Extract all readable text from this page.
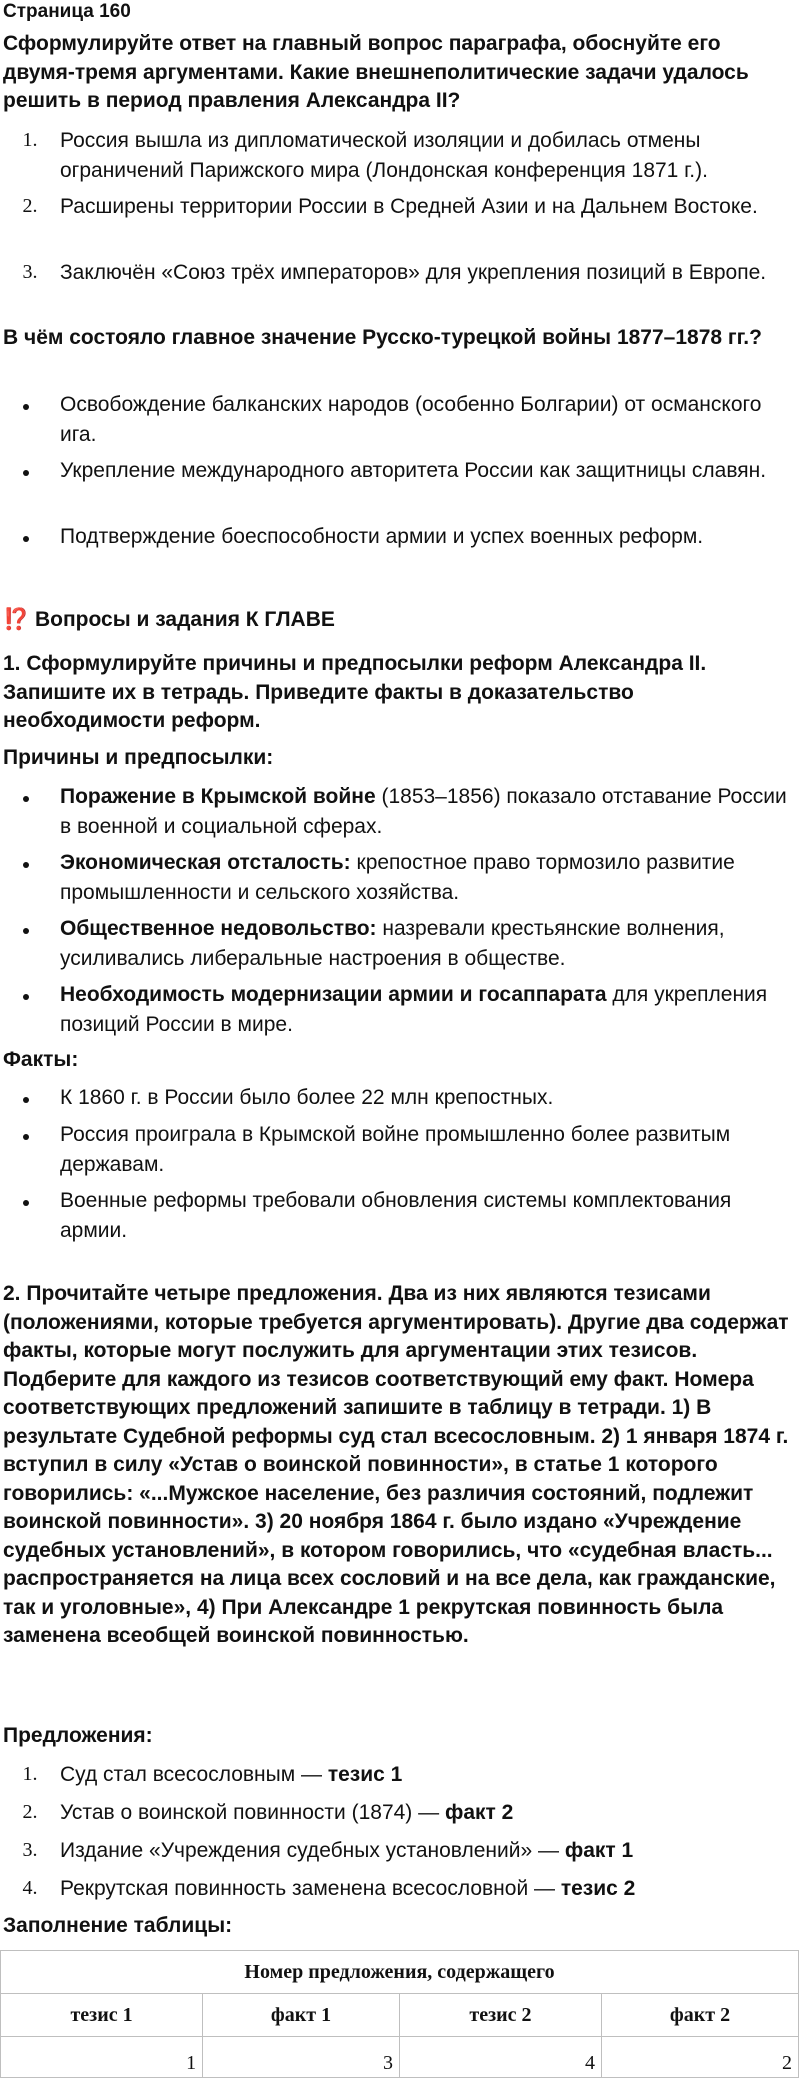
Страница 160
Сформулируйте ответ на главный вопрос параграфа, обоснуйте его двумя-тремя аргументами. Какие внешнеполитические задачи удалось решить в период правления Александра II?
1. Россия вышла из дипломатической изоляции и добилась отмены ограничений Парижского мира (Лондонская конференция 1871 г.).
2. Расширены территории России в Средней Азии и на Дальнем Востоке.
3. Заключён «Союз трёх императоров» для укрепления позиций в Европе.
В чём состояло главное значение Русско-турецкой войны 1877–1878 гг.?
Освобождение балканских народов (особенно Болгарии) от османского ига.
Укрепление международного авторитета России как защитницы славян.
Подтверждение боеспособности армии и успех военных реформ.
⁉️ Вопросы и задания К ГЛАВЕ
1. Сформулируйте причины и предпосылки реформ Александра II. Запишите их в тетрадь. Приведите факты в доказательство необходимости реформ.
Причины и предпосылки:
Поражение в Крымской войне (1853–1856) показало отставание России в военной и социальной сферах.
Экономическая отсталость: крепостное право тормозило развитие промышленности и сельского хозяйства.
Общественное недовольство: назревали крестьянские волнения, усиливались либеральные настроения в обществе.
Необходимость модернизации армии и госаппарата для укрепления позиций России в мире.
Факты:
К 1860 г. в России было более 22 млн крепостных.
Россия проиграла в Крымской войне промышленно более развитым державам.
Военные реформы требовали обновления системы комплектования армии.
2. Прочитайте четыре предложения. Два из них являются тезисами (положениями, которые требуется аргументировать). Другие два содержат факты, которые могут послужить для аргументации этих тезисов. Подберите для каждого из тезисов соответствующий ему факт. Номера соответствующих предложений запишите в таблицу в тетради. 1) В результате Судебной реформы суд стал всесословным. 2) 1 января 1874 г. вступил в силу «Устав о воинской повинности», в статье 1 которого говорились: «...Мужское население, без различия состояний, подлежит воинской повинности». 3) 20 ноября 1864 г. было издано «Учреждение судебных установлений», в котором говорились, что «судебная власть... распространяется на лица всех сословий и на все дела, как гражданские, так и уголовные», 4) При Александре 1 рекрутская повинность была заменена всеобщей воинской повинностью.
Предложения:
1. Суд стал всесословным — тезис 1
2. Устав о воинской повинности (1874) — факт 2
3. Издание «Учреждения судебных установлений» — факт 1
4. Рекрутская повинность заменена всесословной — тезис 2
Заполнение таблицы:
Номер предложения, содержащего			
тезис 1	факт 1	тезис 2	факт 2
1	3	4	2
